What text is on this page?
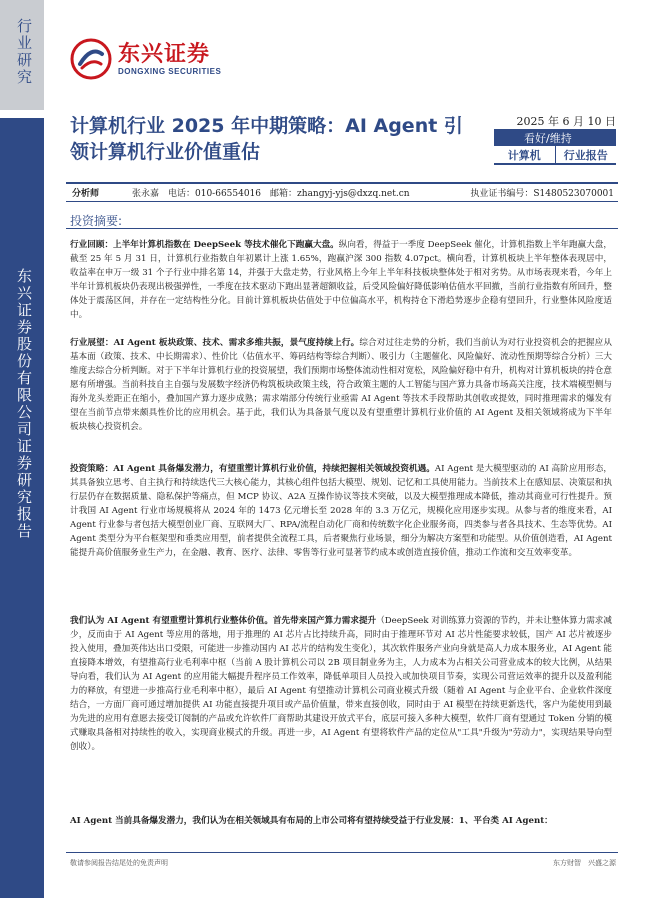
行业研究
东兴证券股份有限公司证券研究报告
东兴证券
DONGXING SECURITIES
计算机行业 2025 年中期策略：AI Agent 引领计算机行业价值重估
2025 年 6 月 10 日
看好/维持
计算机	行业报告
分析师	张永嘉　电话：010-66554016　邮箱：zhangyj-yjs@dxzq.net.cn	执业证书编号：S1480523070001
投资摘要:
行业回顾：上半年计算机指数在 DeepSeek 等技术催化下跑赢大盘。纵向看，得益于一季度 DeepSeek 催化，计算机指数上半年跑赢大盘，截至 25 年 5 月 31 日，计算机行业指数自年初累计上涨 1.65%，跑赢沪深 300 指数 4.07pct。横向看，计算机板块上半年整体表现居中，收益率在申万一级 31 个子行业中排名第 14，并强于大盘走势，行业风格上今年上半年科技板块整体处于相对劣势。从市场表现来看，今年上半年计算机板块仍表现出极强弹性，一季度在技术驱动下跑出显著超额收益，后受风险偏好降低影响估值水平回撤，当前行业指数有所回升，整体处于震荡区间，并存在一定结构性分化。目前计算机板块估值处于中位偏高水平，机构持仓下滑趋势逐步企稳有望回升，行业整体风险度适中。
行业展望：AI Agent 板块政策、技术、需求多维共振，景气度持续上行。综合对过往走势的分析，我们当前认为对行业投资机会的把握应从基本面（政策、技术、中长期需求）、性价比（估值水平、筹码结构等综合判断）、吸引力（主题催化、风险偏好、流动性预期等综合分析）三大维度去综合分析判断。对于下半年计算机行业的投资展望，我们预期市场整体流动性相对宽松，风险偏好稳中有升，机构对计算机板块的持仓意愿有所增强。当前科技自主自强与发展数字经济仍构筑板块政策主线，符合政策主题的人工智能与国产算力具备市场高关注度，技术端模型侧与海外龙头差距正在缩小，叠加国产算力逐步成熟；需求端部分传统行业亟需 AI Agent 等技术手段帮助其创收或提效，同时推理需求的爆发有望在当前节点带来颇具性价比的应用机会。基于此，我们认为具备景气度以及有望重塑计算机行业价值的 AI Agent 及相关领域将成为下半年板块核心投资机会。
投资策略：AI Agent 具备爆发潜力，有望重塑计算机行业价值，持续把握相关领域投资机遇。AI Agent 是大模型驱动的 AI 高阶应用形态，其具备独立思考、自主执行和持续迭代三大核心能力，其核心组件包括大模型、规划、记忆和工具使用能力。当前技术上在感知层、决策层和执行层仍存在数据质量、隐私保护等痛点，但 MCP 协议、A2A 互操作协议等技术突破，以及大模型推理成本降低，推动其商业可行性提升。预计我国 AI Agent 行业市场规模将从 2024 年的 1473 亿元增长至 2028 年的 3.3 万亿元，规模化应用逐步实现。从参与者的维度来看，AI Agent 行业参与者包括大模型创业厂商、互联网大厂、RPA/流程自动化厂商和传统数字化企业服务商，四类参与者各具技术、生态等优势。AI Agent 类型分为平台框架型和垂类应用型，前者提供全流程工具，后者聚焦行业场景，细分为解决方案型和功能型。从价值创造看，AI Agent 能提升高价值服务业生产力，在金融、教育、医疗、法律、零售等行业可显著节约成本或创造直接价值，推动工作流和交互效率变革。
我们认为 AI Agent 有望重塑计算机行业整体价值。首先带来国产算力需求提升（DeepSeek 对训练算力资源的节约，并未让整体算力需求减少，反而由于 AI Agent 等应用的落地，用于推理的 AI 芯片占比持续升高，同时由于推理环节对 AI 芯片性能要求较低，国产 AI 芯片被逐步投入使用，叠加英伟达出口受限，可能进一步推动国内 AI 芯片的结构发生变化），其次软件服务产业向身就是高人力成本服务业，AI Agent 能直接降本增效，有望推高行业毛利率中枢（当前 A 股计算机公司以 2B 项目制业务为主，人力成本为占相关公司营业成本的较大比例，从结果导向看，我们认为 AI Agent 的应用能大幅提升程序员工作效率，降低单项目人员投入或加快项目节奏，实现公司营运效率的提升以及盈利能力的释放，有望进一步推高行业毛利率中枢），最后 AI Agent 有望推动计算机公司商业模式升级（随着 AI Agent 与企业平台、企业软件深度结合，一方面厂商可通过增加提供 AI 功能直接提升项目或产品价值量，带来直接创收，同时由于 AI 模型在持续更新迭代，客户为能使用到最为先进的应用有意愿去接受订阅制的产品或允许软件厂商帮助其建设开放式平台，底层可接入多种大模型，软件厂商有望通过 Token 分销的模式赚取具备相对持续性的收入，实现商业模式的升级。再进一步，AI Agent 有望将软件产品的定位从"工具"升级为"劳动力"，实现结果导向型创收）。
AI Agent 当前具备爆发潜力，我们认为在相关领域具有布局的上市公司将有望持续受益于行业发展：1、平台类 AI Agent：
敬请参阅报告结尾处的免责声明	东方财智　兴盛之源
